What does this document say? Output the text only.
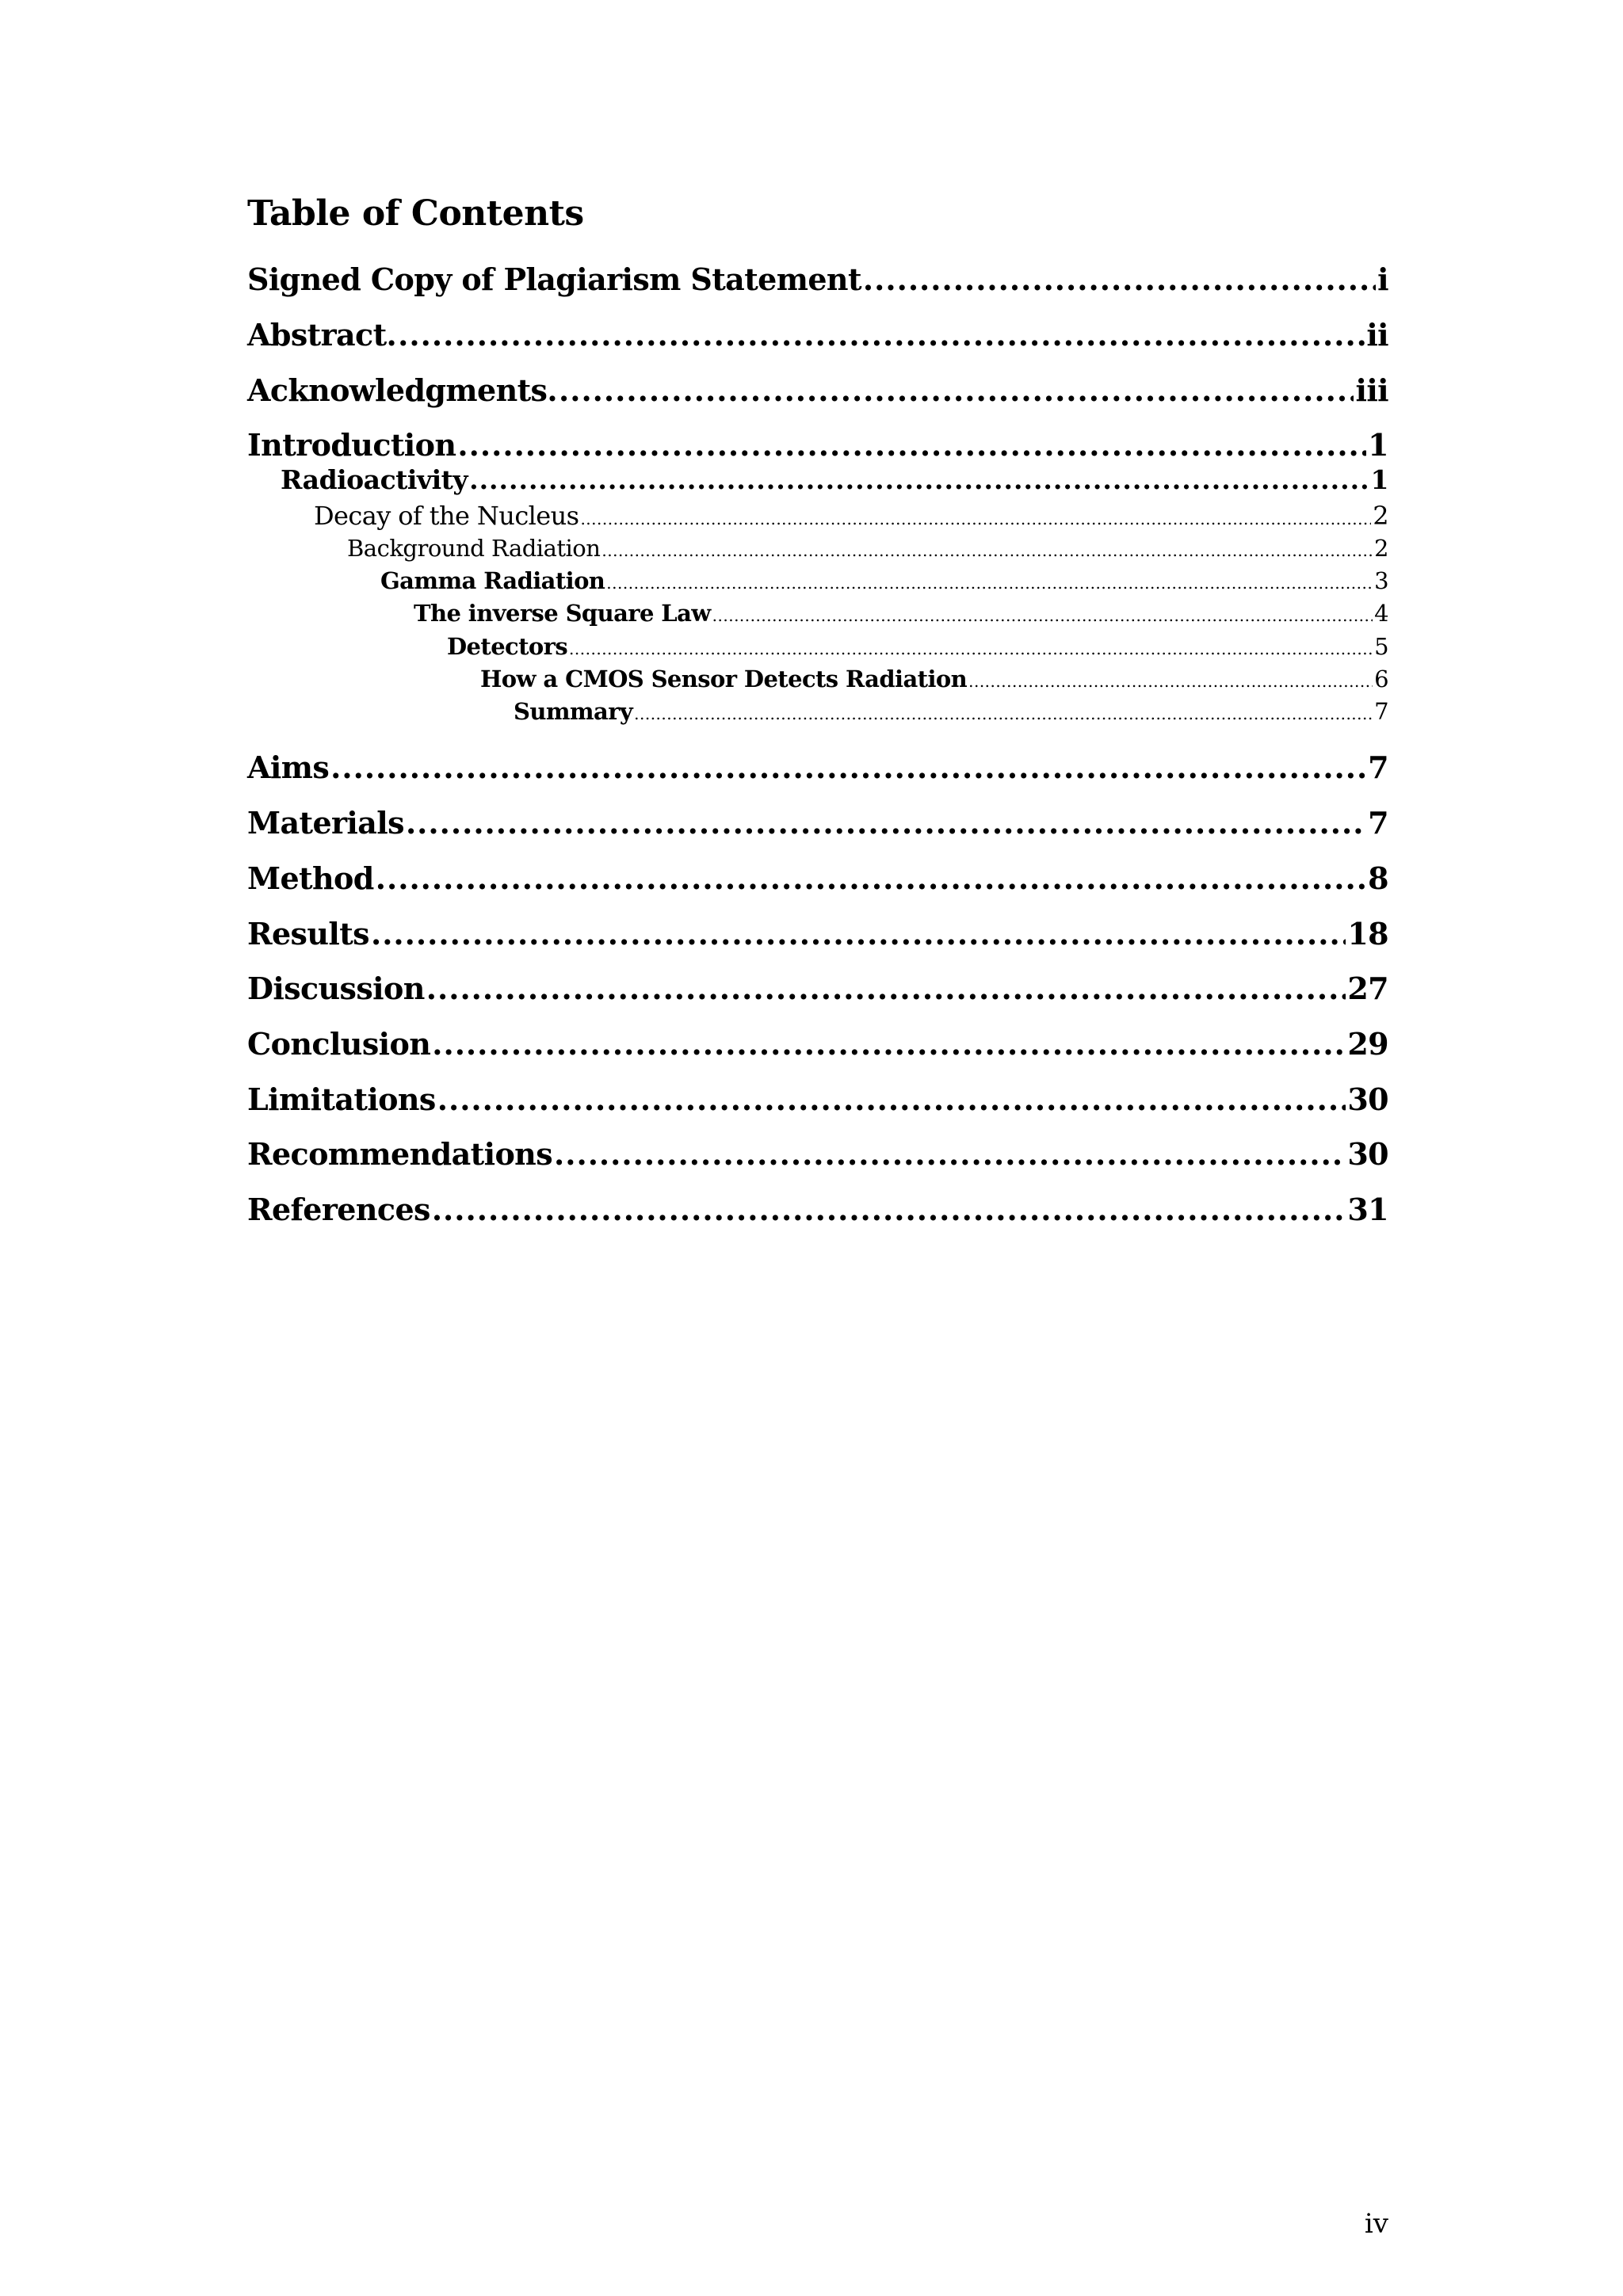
Table of Contents
Signed Copy of Plagiarism Statement .....	i
Abstract. .....	ii
Acknowledgments. .....	iii
Introduction .....	1
Radioactivity .....	1
Decay of the Nucleus .....	2
Background Radiation .....	2
Gamma Radiation .....	3
The inverse Square Law .....	4
Detectors .....	5
How a CMOS Sensor Detects Radiation .....	6
Summary .....	7
Aims .....	7
Materials .....	7
Method .....	8
Results .....	18
Discussion .....	27
Conclusion .....	29
Limitations .....	30
Recommendations .....	30
References .....	31
iv
